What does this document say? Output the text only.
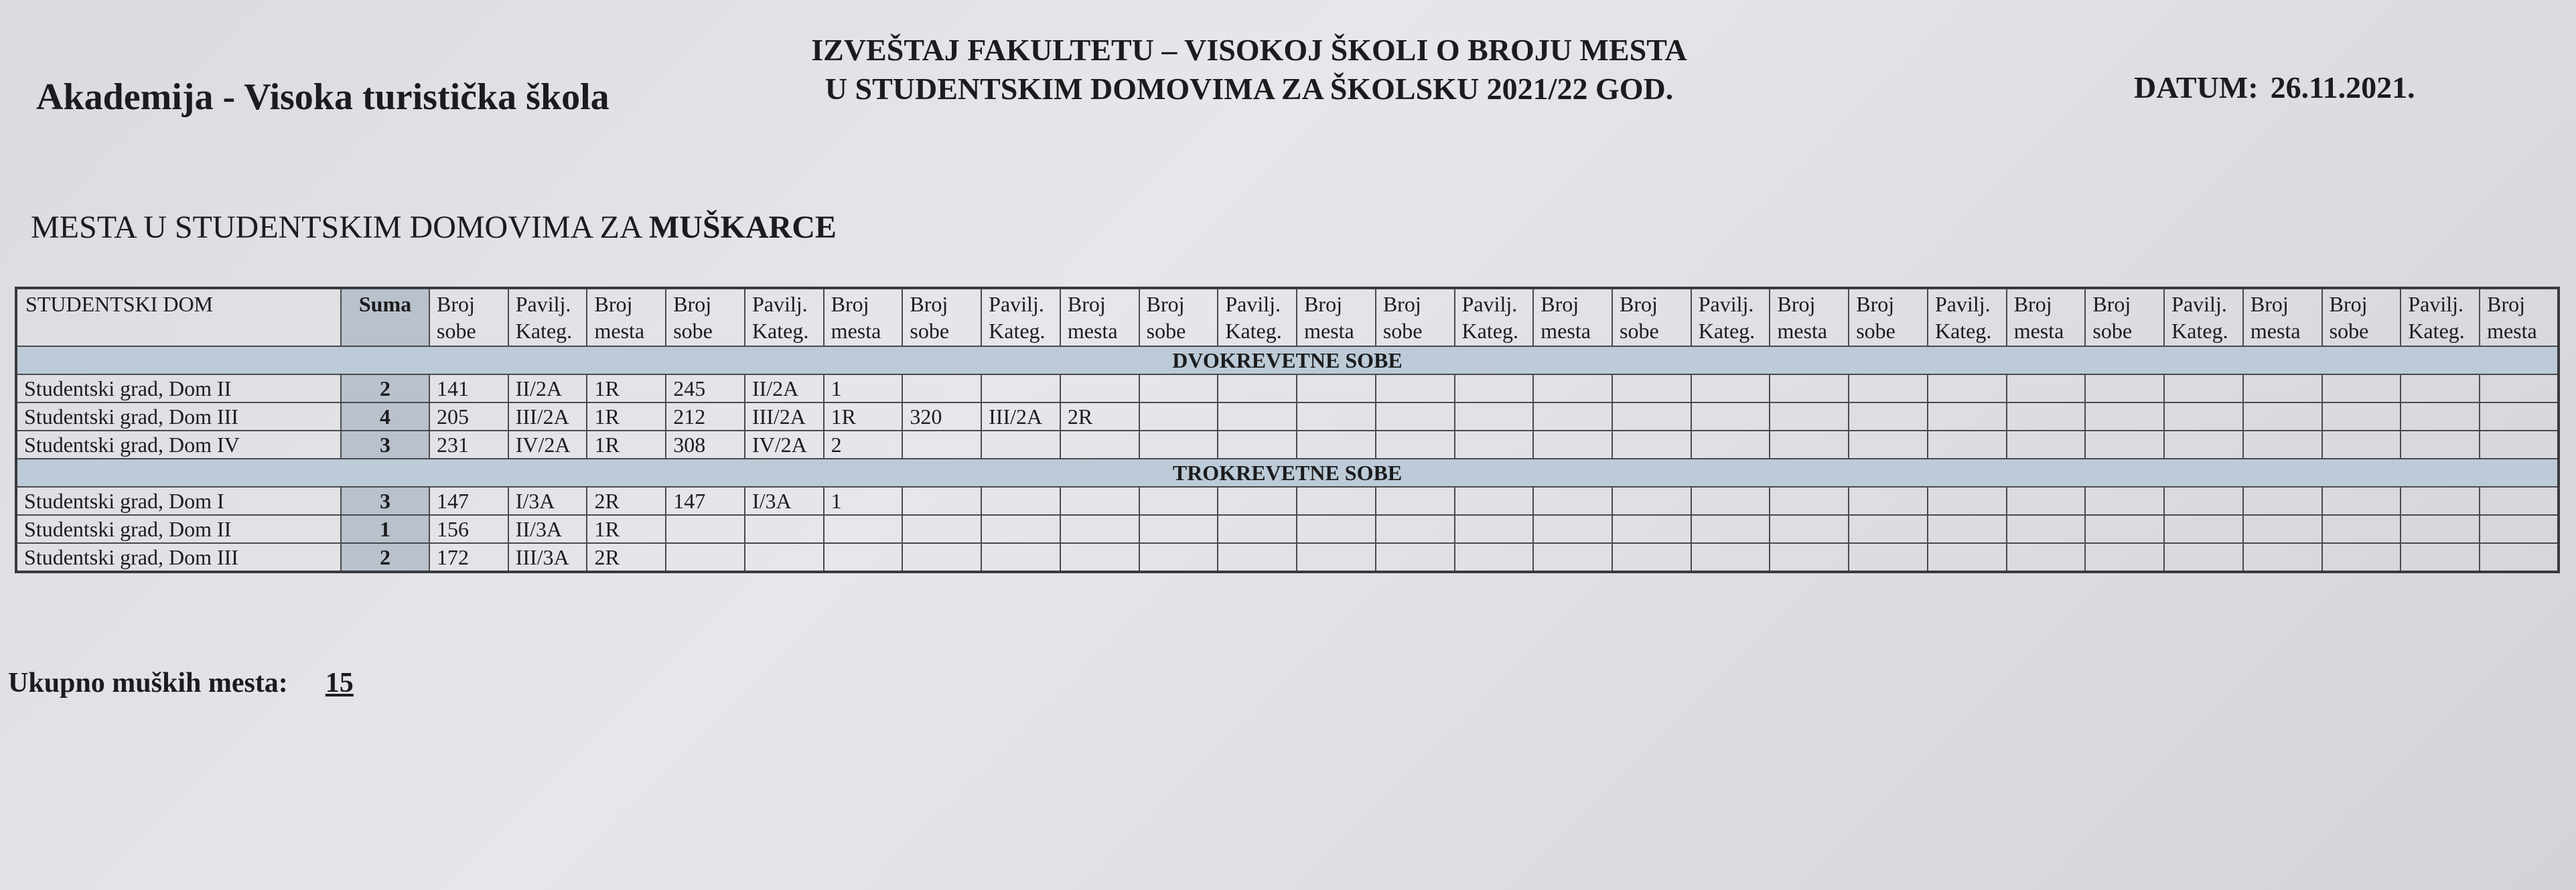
Akademija - Visoka turistička škola
IZVEŠTAJ FAKULTETU – VISOKOJ ŠKOLI O BROJU MESTA
U STUDENTSKIM DOMOVIMA ZA ŠKOLSKU 2021/22 GOD.	DATUM: 26.11.2021.
MESTA U STUDENTSKIM DOMOVIMA ZA MUŠKARCE
STUDENTSKI DOM	Suma	Broj sobe	Pavilj. Kateg.	Broj mesta	Broj sobe	Pavilj. Kateg.	Broj mesta	Broj sobe	Pavilj. Kateg.	Broj mesta	Broj sobe	Pavilj. Kateg.	Broj mesta	Broj sobe	Pavilj. Kateg.	Broj mesta	Broj sobe	Pavilj. Kateg.	Broj mesta	Broj sobe	Pavilj. Kateg.	Broj mesta	Broj sobe	Pavilj. Kateg.	Broj mesta	Broj sobe	Pavilj. Kateg.	Broj mesta
DVOKREVETNE SOBE																												
Studentski grad, Dom II	2	141	II/2A	1R	245	II/2A	1																					
Studentski grad, Dom III	4	205	III/2A	1R	212	III/2A	1R	320	III/2A	2R																		
Studentski grad, Dom IV	3	231	IV/2A	1R	308	IV/2A	2																					
TROKREVETNE SOBE																												
Studentski grad, Dom I	3	147	I/3A	2R	147	I/3A	1																					
Studentski grad, Dom II	1	156	II/3A	1R																								
Studentski grad, Dom III	2	172	III/3A	2R																								
Ukupno muških mesta: 15
